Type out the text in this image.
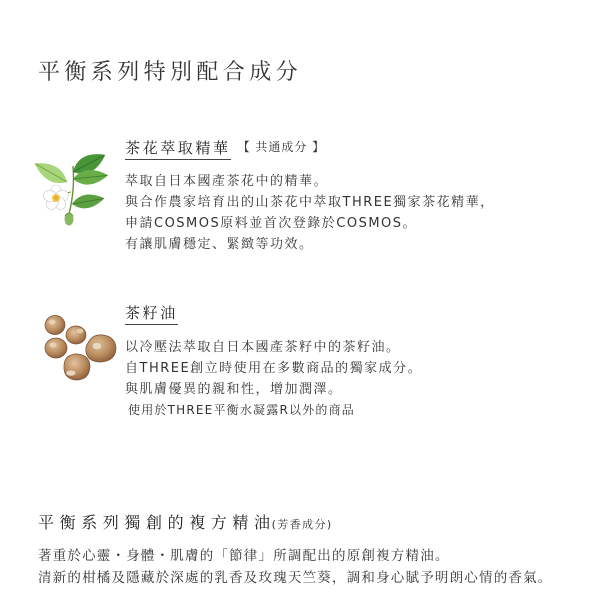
平衡系列特別配合成分
茶花萃取精華 【 共通成分 】
萃取自日本國產茶花中的精華。
與合作農家培育出的山茶花中萃取THREE獨家茶花精華，
申請COSMOS原料並首次登錄於COSMOS。
有讓肌膚穩定、緊緻等功效。
茶籽油
以冷壓法萃取自日本國產茶籽中的茶籽油。
自THREE創立時使用在多數商品的獨家成分。
與肌膚優異的親和性，增加潤澤。
使用於THREE平衡水凝露R以外的商品
平衡系列獨創的複方精油(芳香成分)
著重於心靈・身體・肌膚的「節律」所調配出的原創複方精油。
清新的柑橘及隱藏於深處的乳香及玫瑰天竺葵，調和身心賦予明朗心情的香氣。
